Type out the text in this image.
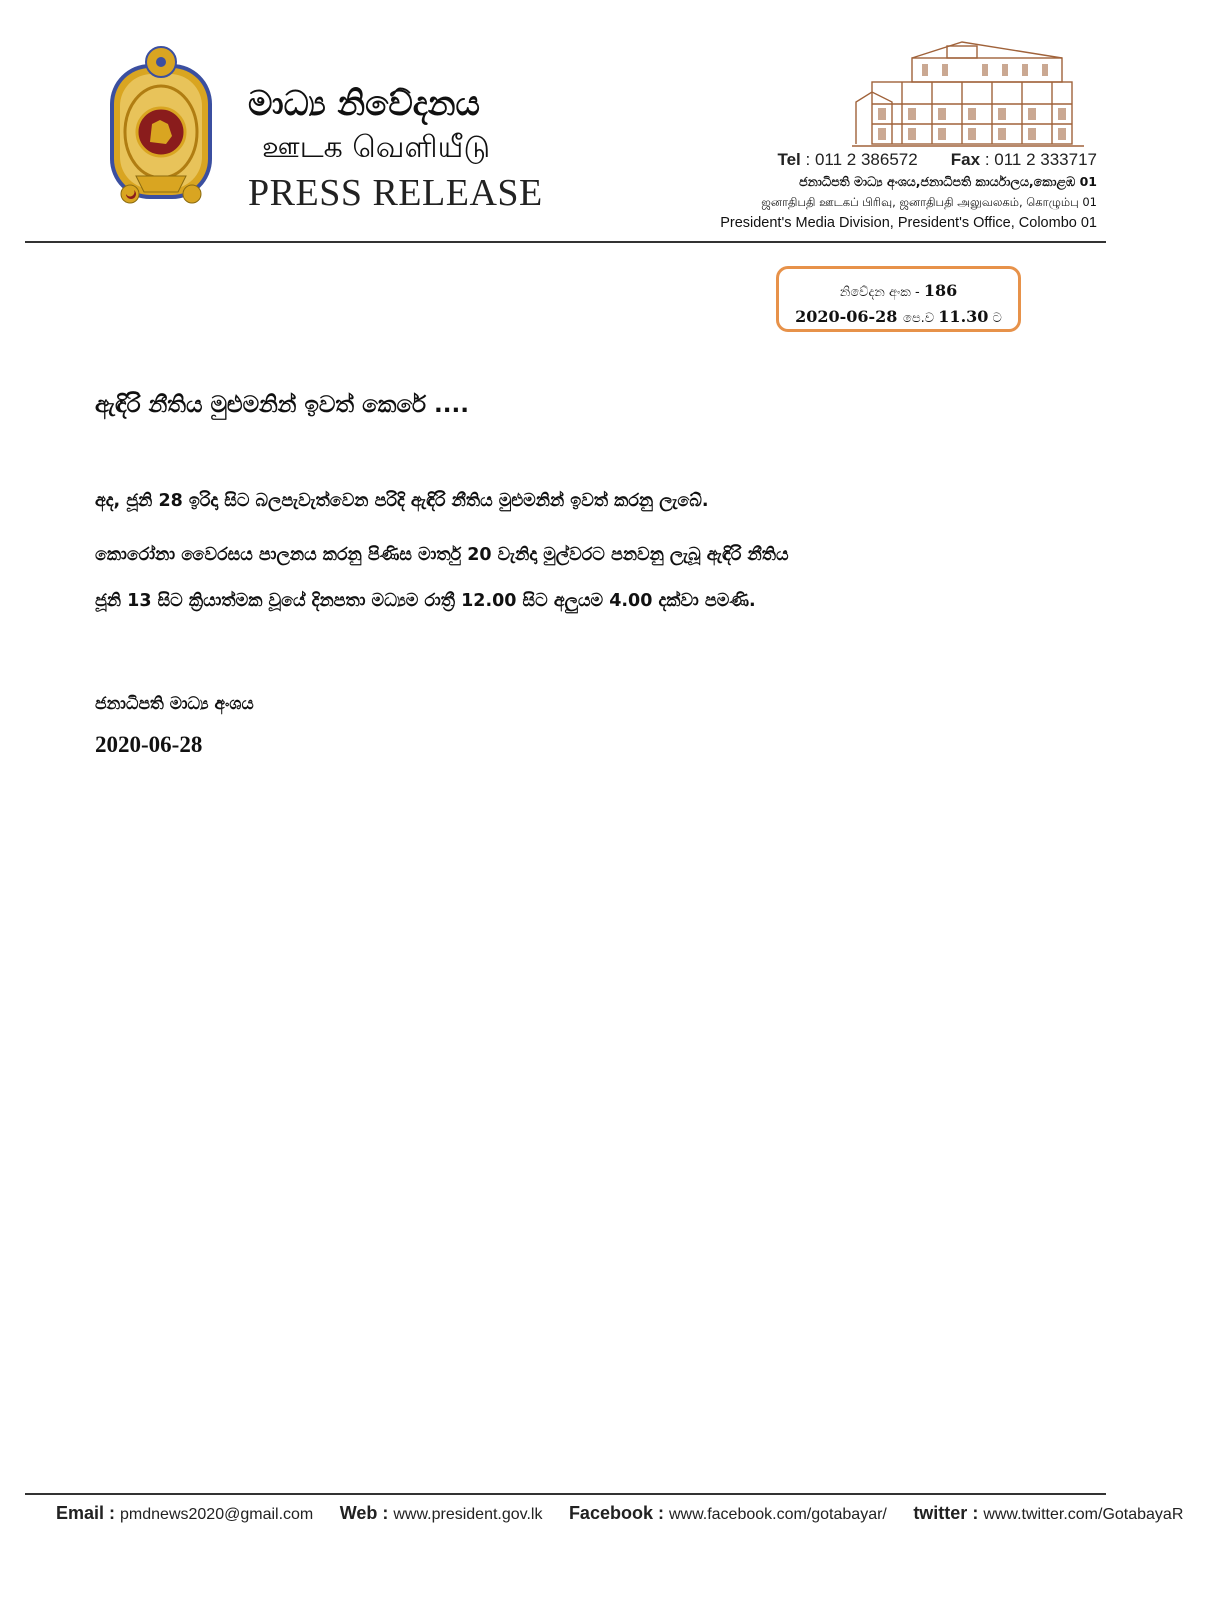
මාධ්‍ය නිවේදනය
ஊடக வெளியீடு
PRESS RELEASE
Tel : 011 2 386572 Fax : 011 2 333717
ජනාධිපති මාධ්‍ය අංශය,ජනාධිපති කාර්යාලය,කොළඹ 01
ஜனாதிபதி ஊடகப் பிரிவு, ஜனாதிபதி அலுவலகம், கொழும்பு 01
President's Media Division, President's Office, Colombo 01
නිවේදන අංක - 186
2020-06-28 පෙ.ව 11.30 ට
ඇඳිරි නීතිය මුළුමනින් ඉවත් කෙරේ ....
අද, ජූනි 28 ඉරිදා සිට බලපැවැත්වෙන පරිදි ඇඳිරි නීතිය මුළුමනින් ඉවත් කරනු ලැබේ.
කොරෝනා වෛරසය පාලනය කරනු පිණිස මාර්තු 20 වැනිදා මුල්වරට පනවනු ලැබූ ඇඳිරි නීතිය
ජූනි 13 සිට ක්‍රියාත්මක වූයේ දිනපතා මධ්‍යම රාත්‍රී 12.00 සිට අලුයම 4.00 දක්වා පමණි.
ජනාධිපති මාධ්‍ය අංශය
2020-06-28
Email : pmdnews2020@gmail.com Web : www.president.gov.lk Facebook : www.facebook.com/gotabayar/ twitter : www.twitter.com/GotabayaR
